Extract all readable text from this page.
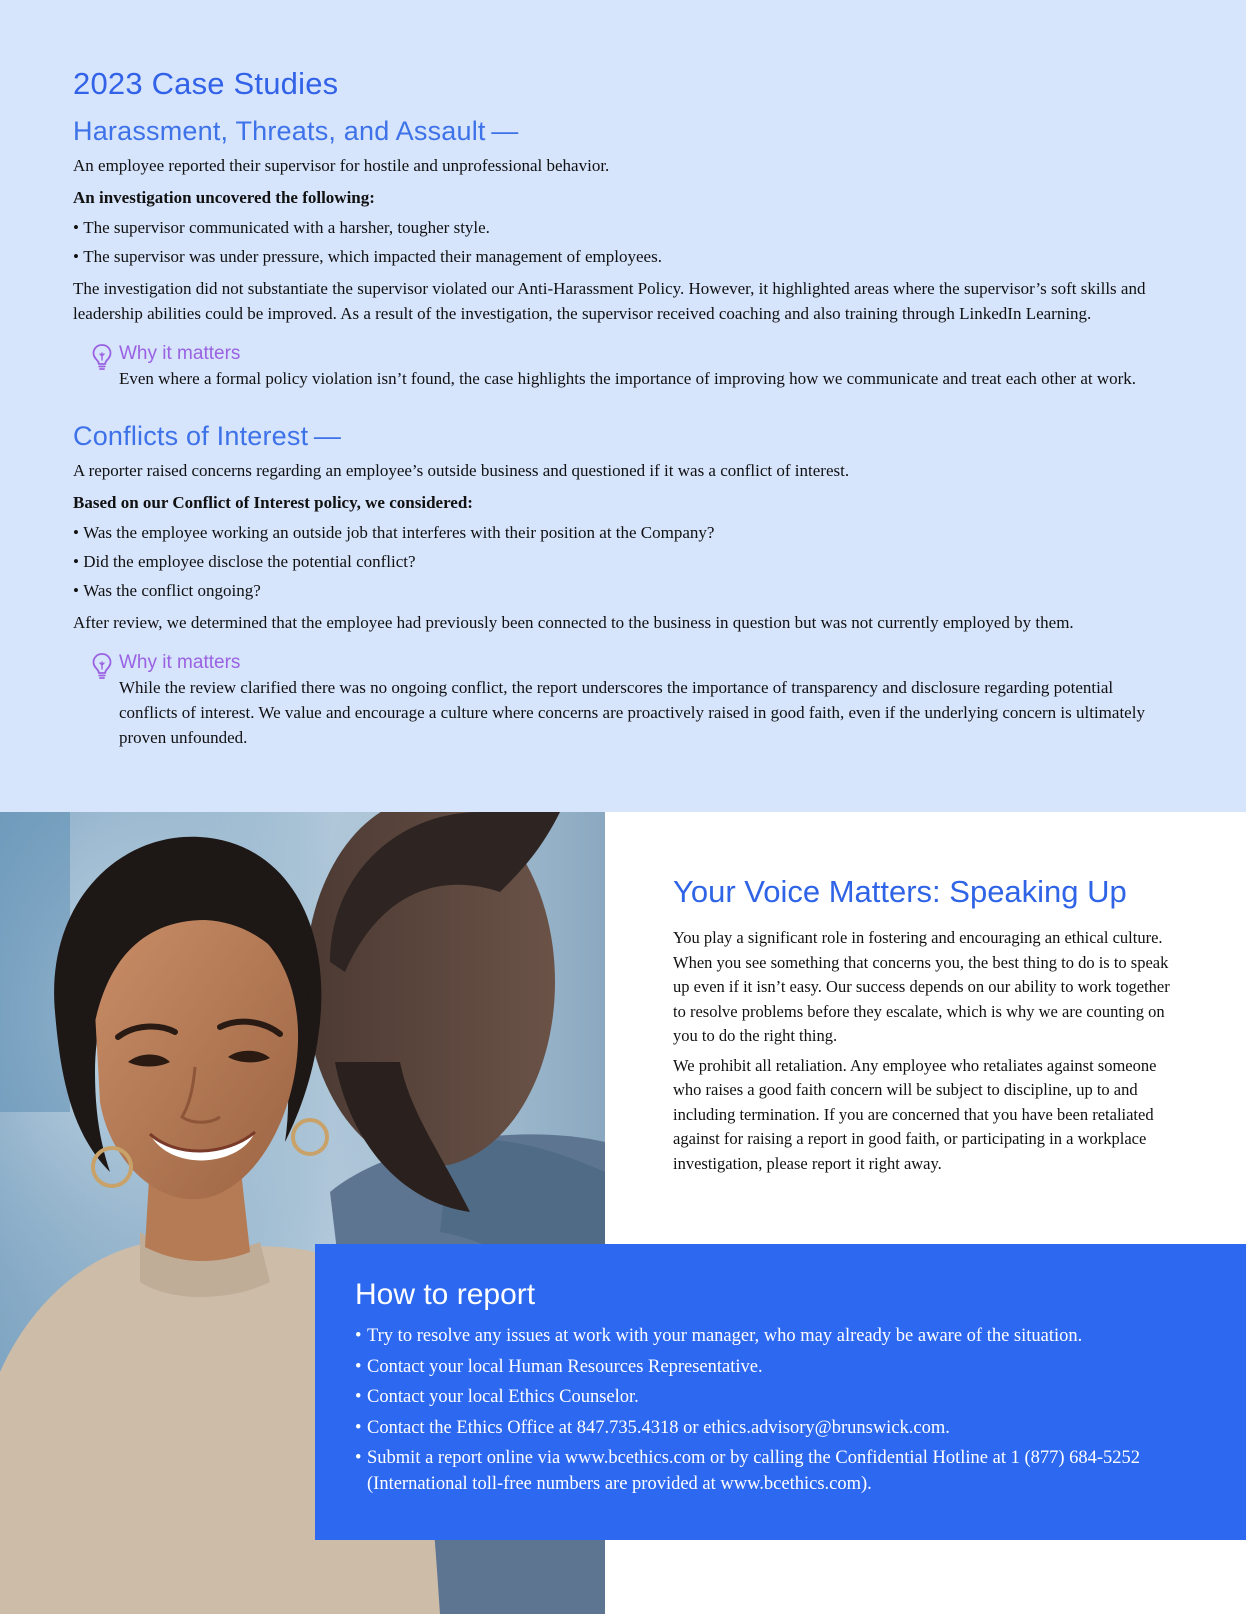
2023 Case Studies
Harassment, Threats, and Assault —

An employee reported their supervisor for hostile and unprofessional behavior.

An investigation uncovered the following:

• The supervisor communicated with a harsher, tougher style.
• The supervisor was under pressure, which impacted their management of employees.

The investigation did not substantiate the supervisor violated our Anti-Harassment Policy. However, it highlighted areas where the supervisor’s soft skills and leadership abilities could be improved. As a result of the investigation, the supervisor received coaching and also training through LinkedIn Learning.

Why it matters
Even where a formal policy violation isn’t found, the case highlights the importance of improving how we communicate and treat each other at work.
Conflicts of Interest —

A reporter raised concerns regarding an employee’s outside business and questioned if it was a conflict of interest.

Based on our Conflict of Interest policy, we considered:

• Was the employee working an outside job that interferes with their position at the Company?
• Did the employee disclose the potential conflict?
• Was the conflict ongoing?

After review, we determined that the employee had previously been connected to the business in question but was not currently employed by them.

Why it matters
While the review clarified there was no ongoing conflict, the report underscores the importance of transparency and disclosure regarding potential conflicts of interest. We value and encourage a culture where concerns are proactively raised in good faith, even if the underlying concern is ultimately proven unfounded.
Your Voice Matters: Speaking Up

You play a significant role in fostering and encouraging an ethical culture. When you see something that concerns you, the best thing to do is to speak up even if it isn’t easy. Our success depends on our ability to work together to resolve problems before they escalate, which is why we are counting on you to do the right thing.

We prohibit all retaliation. Any employee who retaliates against someone who raises a good faith concern will be subject to discipline, up to and including termination. If you are concerned that you have been retaliated against for raising a report in good faith, or participating in a workplace investigation, please report it right away.

How to report
• Try to resolve any issues at work with your manager, who may already be aware of the situation.
• Contact your local Human Resources Representative.
• Contact your local Ethics Counselor.
• Contact the Ethics Office at 847.735.4318 or ethics.advisory@brunswick.com.
• Submit a report online via www.bcethics.com or by calling the Confidential Hotline at 1 (877) 684-5252 (International toll-free numbers are provided at www.bcethics.com).
